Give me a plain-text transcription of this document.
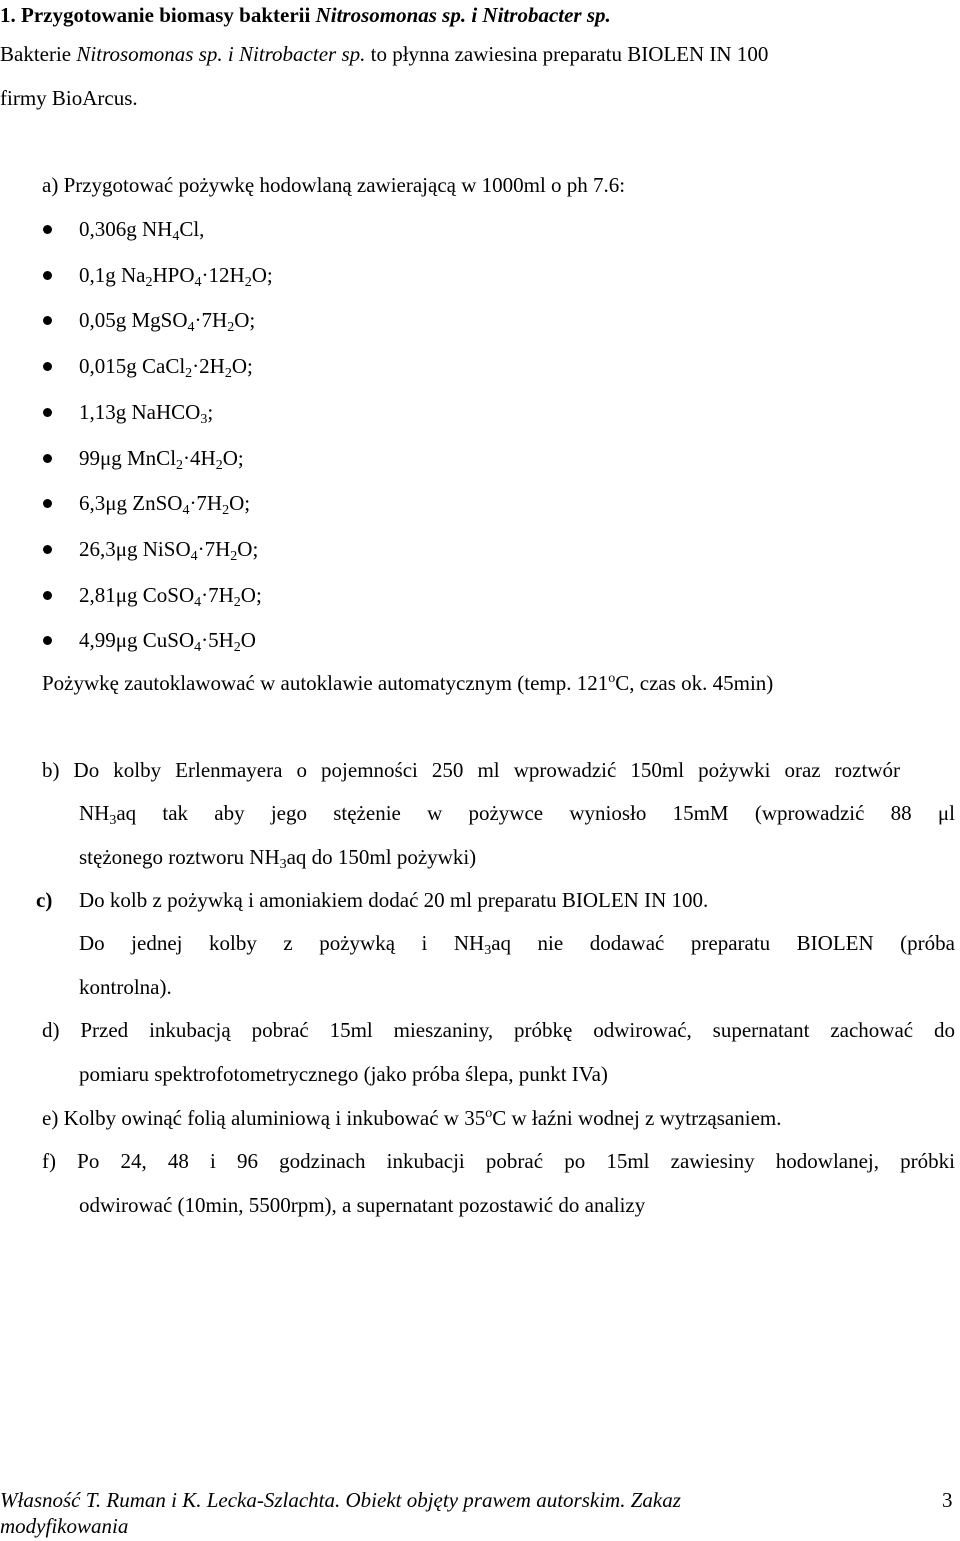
1. Przygotowanie biomasy bakterii Nitrosomonas sp. i Nitrobacter sp.
Bakterie Nitrosomonas sp. i Nitrobacter sp. to płynna zawiesina preparatu BIOLEN IN 100
firmy BioArcus.
a) Przygotować pożywkę hodowlaną zawierającą w 1000ml o ph 7.6:
0,306g $NH_4Cl$,
0,1g $Na_2HPO_4\cdot 12H_2O$;
0,05g $MgSO_4\cdot 7H_2O$;
0,015g $CaCl_2\cdot 2H_2O$;
1,13g NaHCO$_3$;
99μg $MnCl_2\cdot 4H_2O$;
6,3μg $ZnSO_4\cdot 7H_2O$;
26,3μg $NiSO_4\cdot 7H_2O$;
2,81μg $CoSO_4\cdot 7H_2O$;
4,99μg $CuSO_4\cdot 5H_2O$
Pożywkę zautoklawować w autoklawie automatycznym (temp. 121$^o$C, czas ok. 45min)
b) Do kolby Erlenmayera o pojemności 250 ml wprowadzić 150ml pożywki oraz roztwór
$NH_3aq$ tak aby jego stężenie w pożywce wyniosło 15mM (wprowadzić 88 μl
stężonego roztworu $NH_3aq$ do 150ml pożywki)
c) Do kolb z pożywką i amoniakiem dodać 20 ml preparatu BIOLEN IN 100.
Do jednej kolby z pożywką i $NH_3aq$ nie dodawać preparatu BIOLEN (próba
kontrolna).
d) Przed inkubacją pobrać 15ml mieszaniny, próbkę odwirować, supernatant zachować do
pomiaru spektrofotometrycznego (jako próba ślepa, punkt IVa)
e) Kolby owinąć folią aluminiową i inkubować w 35$^o$C w łaźni wodnej z wytrząsaniem.
f) Po 24, 48 i 96 godzinach inkubacji pobrać po 15ml zawiesiny hodowlanej, próbki
odwirować (10min, 5500rpm), a supernatant pozostawić do analizy
Własność T. Ruman i K. Lecka-Szlachta. Obiekt objęty prawem autorskim. Zakaz
modyfikowania
3
